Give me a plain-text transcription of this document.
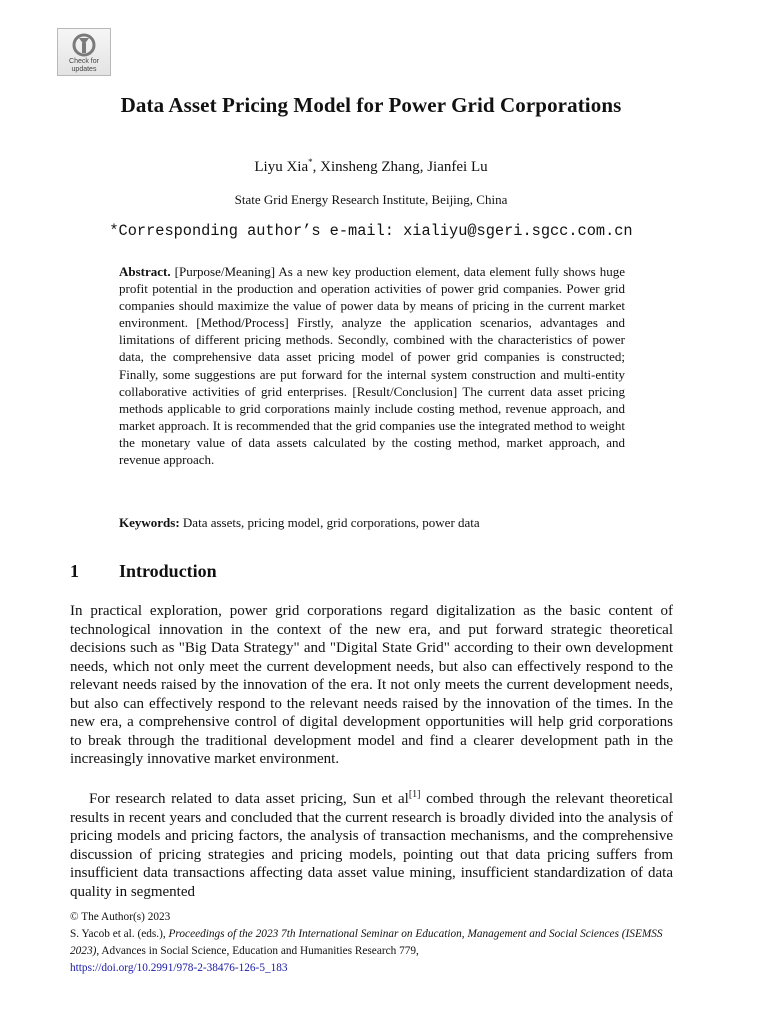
Check for
updates
Data Asset Pricing Model for Power Grid Corporations
Liyu Xia*, Xinsheng Zhang, Jianfei Lu
State Grid Energy Research Institute, Beijing, China
*Corresponding author’s e-mail: xialiyu@sgeri.sgcc.com.cn
Abstract. [Purpose/Meaning] As a new key production element, data element fully shows huge profit potential in the production and operation activities of power grid companies. Power grid companies should maximize the value of power data by means of pricing in the current market environment. [Method/Process] Firstly, analyze the application scenarios, advantages and limitations of different pricing methods. Secondly, combined with the characteristics of power data, the comprehensive data asset pricing model of power grid companies is constructed; Finally, some suggestions are put forward for the internal system construction and multi-entity collaborative activities of grid enterprises. [Result/Conclusion] The current data asset pricing methods applicable to grid corporations mainly include costing method, revenue approach, and market approach. It is recommended that the grid companies use the integrated method to weight the monetary value of data assets calculated by the costing method, market approach, and revenue approach.
Keywords: Data assets, pricing model, grid corporations, power data
1 Introduction
In practical exploration, power grid corporations regard digitalization as the basic content of technological innovation in the context of the new era, and put forward strategic theoretical decisions such as "Big Data Strategy" and "Digital State Grid" according to their own development needs, which not only meet the current development needs, but also can effectively respond to the relevant needs raised by the innovation of the era. It not only meets the current development needs, but also can effectively respond to the relevant needs raised by the innovation of the times. In the new era, a comprehensive control of digital development opportunities will help grid corporations to break through the traditional development model and find a clearer development path in the increasingly innovative market environment.
For research related to data asset pricing, Sun et al[1] combed through the relevant theoretical results in recent years and concluded that the current research is broadly divided into the analysis of pricing models and pricing factors, the analysis of transaction mechanisms, and the comprehensive discussion of pricing strategies and pricing models, pointing out that data pricing suffers from insufficient data transactions affecting data asset value mining, insufficient standardization of data quality in segmented
© The Author(s) 2023
S. Yacob et al. (eds.), Proceedings of the 2023 7th International Seminar on Education, Management and Social Sciences (ISEMSS 2023), Advances in Social Science, Education and Humanities Research 779,
https://doi.org/10.2991/978-2-38476-126-5_183
